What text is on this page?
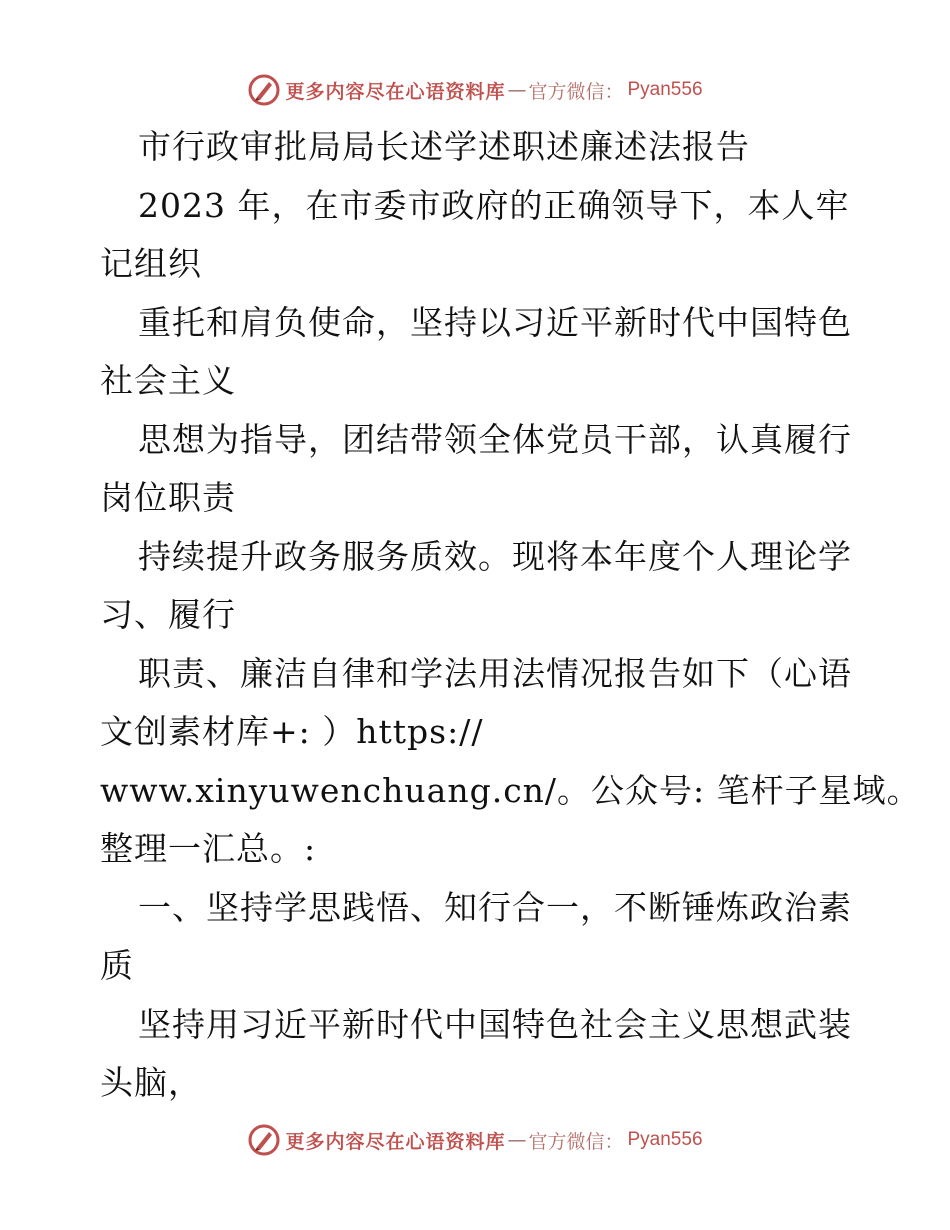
更多内容尽在心语资料库 — 官方微信： Pyan556
市行政审批局局长述学述职述廉述法报告
2023 年，在市委市政府的正确领导下，本人牢
记组织
重托和肩负使命，坚持以习近平新时代中国特色
社会主义
思想为指导，团结带领全体党员干部，认真履行
岗位职责
持续提升政务服务质效。现将本年度个人理论学
习、履行
职责、廉洁自律和学法用法情况报告如下（心语
文创素材库+: ）https://
www.xinyuwenchuang.cn/。公众号: 笔杆子星域。
整理一汇总。:
一、坚持学思践悟、知行合一，不断锤炼政治素
质
坚持用习近平新时代中国特色社会主义思想武装
头脑，
更多内容尽在心语资料库 — 官方微信： Pyan556
